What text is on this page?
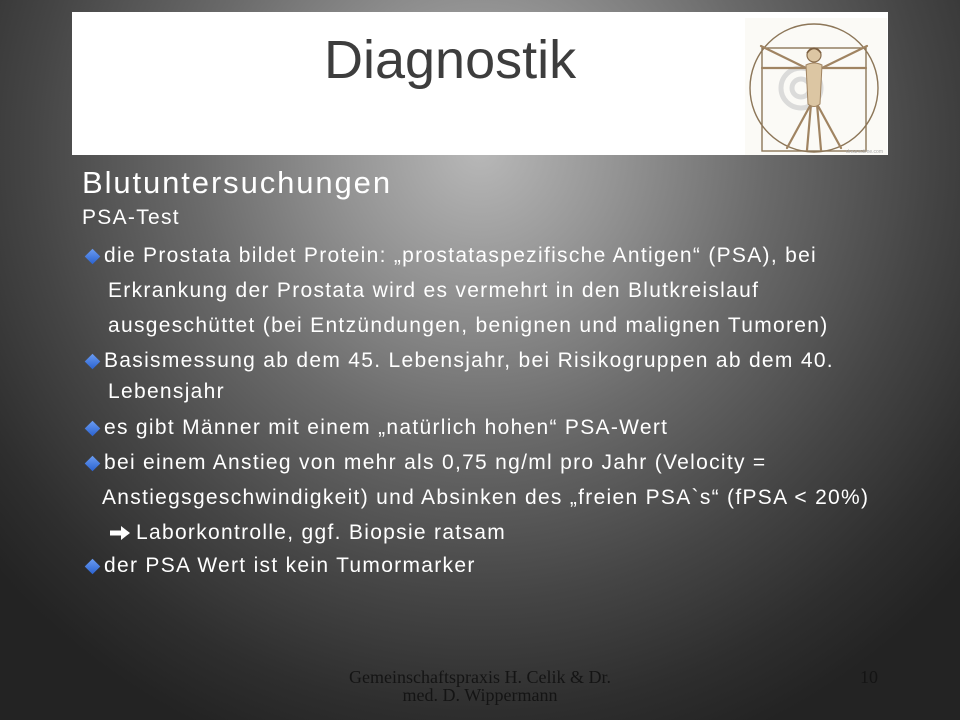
Diagnostik
dreamstime.com
Blutuntersuchungen
PSA-Test
die Prostata bildet Protein: „prostataspezifische Antigen“ (PSA), bei
Erkrankung der Prostata wird es vermehrt in den Blutkreislauf
ausgeschüttet (bei Entzündungen, benignen und malignen Tumoren)
Basismessung ab dem 45. Lebensjahr, bei Risikogruppen ab dem 40.
Lebensjahr
es gibt Männer mit einem „natürlich hohen“ PSA-Wert
bei einem Anstieg von mehr als 0,75 ng/ml pro Jahr (Velocity =
Anstiegsgeschwindigkeit) und Absinken des „freien PSA`s“ (fPSA < 20%)
Laborkontrolle, ggf. Biopsie ratsam
der PSA Wert ist kein Tumormarker
Gemeinschaftspraxis H. Celik & Dr.
med. D. Wippermann
10
